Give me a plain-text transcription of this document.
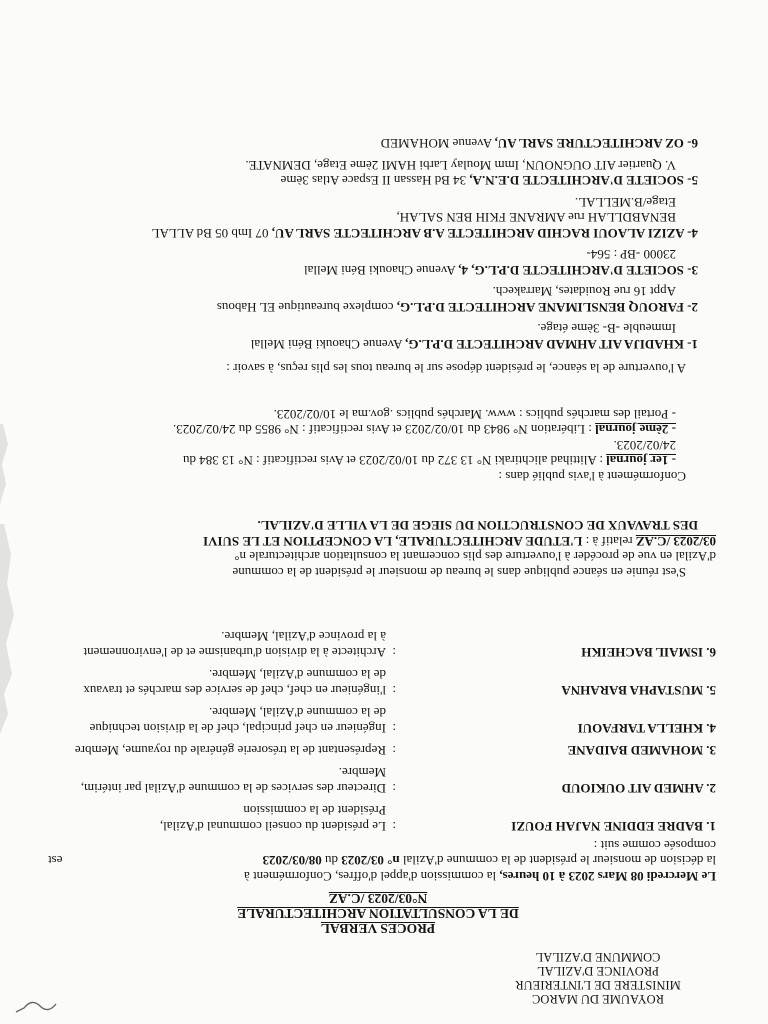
ROYAUME DU MAROC
MINISTERE DE L'INTERIEUR
PROVINCE D'AZILAL
COMMUNE D'AZILAL
PROCES VERBAL
DE LA CONSULTATION ARCHITECTURALE
N°03/2023 /C.AZ
Le Mercredi 08 Mars 2023 à 10 heures, la commission d'appel d'offres, Conformément à
la décision de monsieur le président de la commune d'Azilal n° 03/2023 du 08/03/2023
est
composée comme suit :
1. BADRE EDDINE NAJAH FOUZI
:
Le président du conseil communal d'Azilal,
Président de la commission
2. AHMED AIT OUKIOUD
:
Directeur des services de la commune d'Azilal par intérim,
Membre.
3. MOHAMED BAIDANE
:
Représentant de la trésorerie générale du royaume, Membre
4. KHELLA TARFAOUI
:
Ingénieur en chef principal, chef de la division technique
de la commune d'Azilal, Membre.
5. MUSTAPHA BARAHNA
:
l'ingénieur en chef, chef de service des marchés et travaux
de la commune d'Azilal, Membre.
6. ISMAIL BACHEIKH
:
Architecte à la division d'urbanisme et de l'environnement
à la province d'Azilal, Membre.
S'est réunie en séance publique dans le bureau de monsieur le président de la commune
d'Azilal en vue de procéder à l'ouverture des plis concernant la consultation architecturale n°
03/2023 /C.AZ relatif à : L'ETUDE ARCHITECTURALE, LA CONCEPTION ET LE SUIVI
DES TRAVAUX DE CONSTRUCTION DU SIEGE DE LA VILLE D'AZILAL.
Conformément à l'avis publié dans :
- 1er journal : Alittihad alichtiraki N° 13 372 du 10/02/2023 et Avis rectificatif : N° 13 384 du
24/02/2023.
- 2ème journal : Libération N° 9843 du 10/02/2023 et Avis rectificatif : N° 9855 du 24/02/2023.
- Portail des marchés publics : www. Marchés publics .gov.ma le 10/02/2023.
A l'ouverture de la séance, le président dépose sur le bureau tous les plis reçus, à savoir :
1- KHADIJA AIT AHMAD ARCHITECTE D.P.L.G, Avenue Chaouki Béni Mellal
Immeuble -B- 3ème étage.
2- FAROUQ BENSLIMANE ARCHITECTE D.P.L.G, complexe bureautique EL Habous
Appt 16 rue Rouidates, Marrakech.
3- SOCIETE D'ARCHITECTE D.P.L.G, 4, Avenue Chaouki Béni Mellal
23000 -BP : 564-
4- AZIZI ALAOUI RACHID ARCHITECTE A.B ARCHITECTE SARL AU, 07 Imb 05 Bd ALLAL
BENABDLLAH rue AMRANE FKIH BEN SALAH,
Etage/B.MELLAL.
5- SOCIETE D'ARCHITECTE D.E.N.A, 34 Bd Hassan II Espace Atlas 3ème
V. Quartier AIT OUGNOUN, Imm Moulay Larbi HAMI 2ème Etage, DEMNATE.
6- OZ ARCHITECTURE SARL AU, Avenue MOHAMED
